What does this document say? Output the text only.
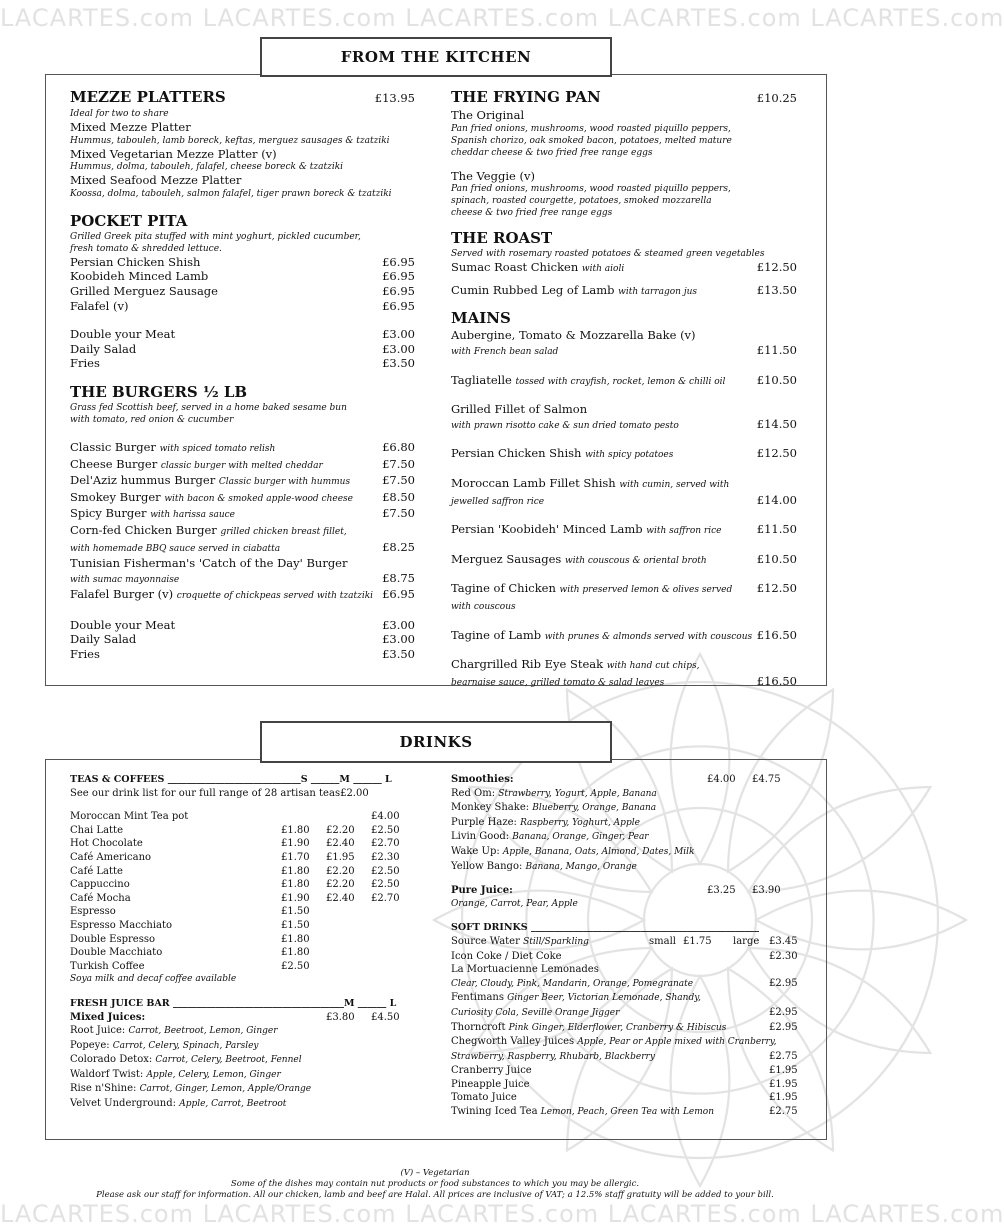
LACARTES.com LACARTES.com LACARTES.com LACARTES.com LACARTES.com
LACARTES.com LACARTES.com LACARTES.com LACARTES.com LACARTES.com
FROM THE KITCHEN
MEZZE PLATTERS	£13.95
Ideal for two to share
Mixed Mezze Platter
Hummus, tabouleh, lamb boreck, keftas, merguez sausages & tzatziki
Mixed Vegetarian Mezze Platter (v)
Hummus, dolma, tabouleh, falafel, cheese boreck & tzatziki
Mixed Seafood Mezze Platter
Koossa, dolma, tabouleh, salmon falafel, tiger prawn boreck & tzatziki
POCKET PITA
Grilled Greek pita stuffed with mint yoghurt, pickled cucumber,
fresh tomato & shredded lettuce.
Persian Chicken Shish	£6.95
Koobideh Minced Lamb	£6.95
Grilled Merguez Sausage	£6.95
Falafel (v)	£6.95
Double your Meat	£3.00
Daily Salad	£3.00
Fries	£3.50
THE BURGERS ½ LB
Grass fed Scottish beef, served in a home baked sesame bun
with tomato, red onion & cucumber
Classic Burger with spiced tomato relish	£6.80
Cheese Burger classic burger with melted cheddar	£7.50
Del'Aziz hummus Burger Classic burger with hummus	£7.50
Smokey Burger with bacon & smoked apple-wood cheese	£8.50
Spicy Burger with harissa sauce	£7.50
Corn-fed Chicken Burger grilled chicken breast fillet,
with homemade BBQ sauce served in ciabatta	£8.25
Tunisian Fisherman's 'Catch of the Day' Burger
with sumac mayonnaise	£8.75
Falafel Burger (v) croquette of chickpeas served with tzatziki £6.95
Double your Meat	£3.00
Daily Salad	£3.00
Fries	£3.50
THE FRYING PAN	£10.25
The Original
Pan fried onions, mushrooms, wood roasted piquillo peppers,
Spanish chorizo, oak smoked bacon, potatoes, melted mature
cheddar cheese & two fried free range eggs
The Veggie (v)
Pan fried onions, mushrooms, wood roasted piquillo peppers,
spinach, roasted courgette, potatoes, smoked mozzarella
cheese & two fried free range eggs
THE ROAST
Served with rosemary roasted potatoes & steamed green vegetables
Sumac Roast Chicken with aioli	£12.50
Cumin Rubbed Leg of Lamb with tarragon jus	£13.50
MAINS
Aubergine, Tomato & Mozzarella Bake (v)
with French bean salad	£11.50
Tagliatelle tossed with crayfish, rocket, lemon & chilli oil	£10.50
Grilled Fillet of Salmon
with prawn risotto cake & sun dried tomato pesto	£14.50
Persian Chicken Shish with spicy potatoes	£12.50
Moroccan Lamb Fillet Shish with cumin, served with
jewelled saffron rice	£14.00
Persian 'Koobideh' Minced Lamb with saffron rice	£11.50
Merguez Sausages with couscous & oriental broth	£10.50
Tagine of Chicken with preserved lemon & olives served with couscous
£12.50
Tagine of Lamb with prunes & almonds served with couscous £16.50
Chargrilled Rib Eye Steak with hand cut chips,
bearnaise sauce, grilled tomato & salad leaves	£16.50
DRINKS
TEAS & COFFEES ____________________________S ______M ______ L
See our drink list for our full range of 28 artisan teas £2.00
Moroccan Mint Tea pot	£4.00
Chai Latte	£1.80	£2.20	£2.50
Hot Chocolate	£1.90	£2.40	£2.70
Café Americano	£1.70	£1.95	£2.30
Café Latte	£1.80	£2.20	£2.50
Cappuccino	£1.80	£2.20	£2.50
Café Mocha	£1.90	£2.40	£2.70
Espresso	£1.50
Espresso Macchiato	£1.50
Double Espresso	£1.80
Double Macchiato	£1.80
Turkish Coffee	£2.50
Soya milk and decaf coffee available
FRESH JUICE BAR ____________________________________M ______ L
Mixed Juices:	£3.80	£4.50
Root Juice: Carrot, Beetroot, Lemon, Ginger
Popeye: Carrot, Celery, Spinach, Parsley
Colorado Detox: Carrot, Celery, Beetroot, Fennel
Waldorf Twist: Apple, Celery, Lemon, Ginger
Rise n'Shine: Carrot, Ginger, Lemon, Apple/Orange
Velvet Underground: Apple, Carrot, Beetroot
Smoothies:	£4.00	£4.75
Red Om: Strawberry, Yogurt, Apple, Banana
Monkey Shake: Blueberry, Orange, Banana
Purple Haze: Raspberry, Yoghurt, Apple
Livin Good: Banana, Orange, Ginger, Pear
Wake Up: Apple, Banana, Oats, Almond, Dates, Milk
Yellow Bango: Banana, Mango, Orange
Pure Juice:	£3.25	£3.90
Orange, Carrot, Pear, Apple
SOFT DRINKS ________________________________________________
Source Water Still/Sparkling	small £1.75	large £3.45
Icon Coke / Diet Coke	£2.30
La Mortuacienne Lemonades
Clear, Cloudy, Pink, Mandarin, Orange, Pomegranate	£2.95
Fentimans Ginger Beer, Victorian Lemonade, Shandy,
Curiosity Cola, Seville Orange Jigger	£2.95
Thorncroft Pink Ginger, Elderflower, Cranberry & Hibiscus	£2.95
Chegworth Valley Juices Apple, Pear or Apple mixed with Cranberry,
Strawberry, Raspberry, Rhubarb, Blackberry	£2.75
Cranberry Juice	£1.95
Pineapple Juice	£1.95
Tomato Juice	£1.95
Twining Iced Tea Lemon, Peach, Green Tea with Lemon	£2.75
(V) – Vegetarian
Some of the dishes may contain nut products or food substances to which you may be allergic.
Please ask our staff for information. All our chicken, lamb and beef are Halal. All prices are inclusive of VAT; a 12.5% staff gratuity will be added to your bill.
